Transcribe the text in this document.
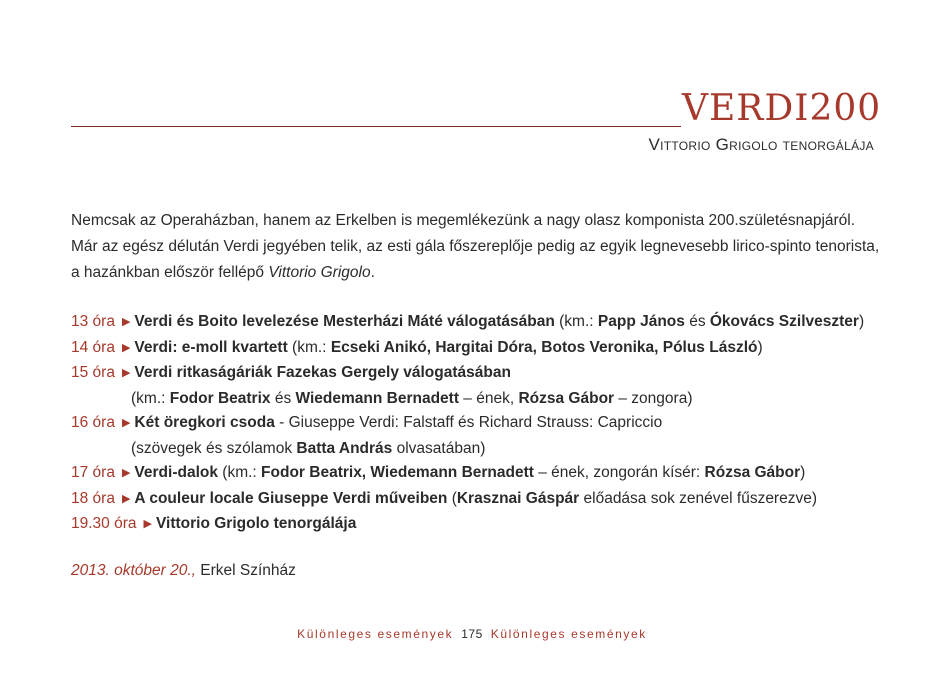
VERDI200
Vittorio Grigolo tenorgálája

Nemcsak az Operaházban, hanem az Erkelben is megemlékezünk a nagy olasz komponista 200.születésnapjáról.

Már az egész délután Verdi jegyében telik, az esti gála főszereplője pedig az egyik legnevesebb lirico-spinto tenorista,

a hazánkban először fellépő Vittorio Grigolo.

13 óra ▶ Verdi és Boito levelezése Mesterházi Máté válogatásában (km.: Papp János és Ókovács Szilveszter)
14 óra ▶ Verdi: e-moll kvartett (km.: Ecseki Anikó, Hargitai Dóra, Botos Veronika, Pólus László)
15 óra ▶ Verdi ritkaságáriák Fazekas Gergely válogatásában
(km.: Fodor Beatrix és Wiedemann Bernadett – ének, Rózsa Gábor – zongora)
16 óra ▶ Két öregkori csoda - Giuseppe Verdi: Falstaff és Richard Strauss: Capriccio
(szövegek és szólamok Batta András olvasatában)
17 óra ▶ Verdi-dalok (km.: Fodor Beatrix, Wiedemann Bernadett – ének, zongorán kísér: Rózsa Gábor)
18 óra ▶ A couleur locale Giuseppe Verdi műveiben (Krasznai Gáspár előadása sok zenével fűszerezve)
19.30 óra ▶ Vittorio Grigolo tenorgálája
2013. október 20., Erkel Színház
Különleges események 175 Különleges események
